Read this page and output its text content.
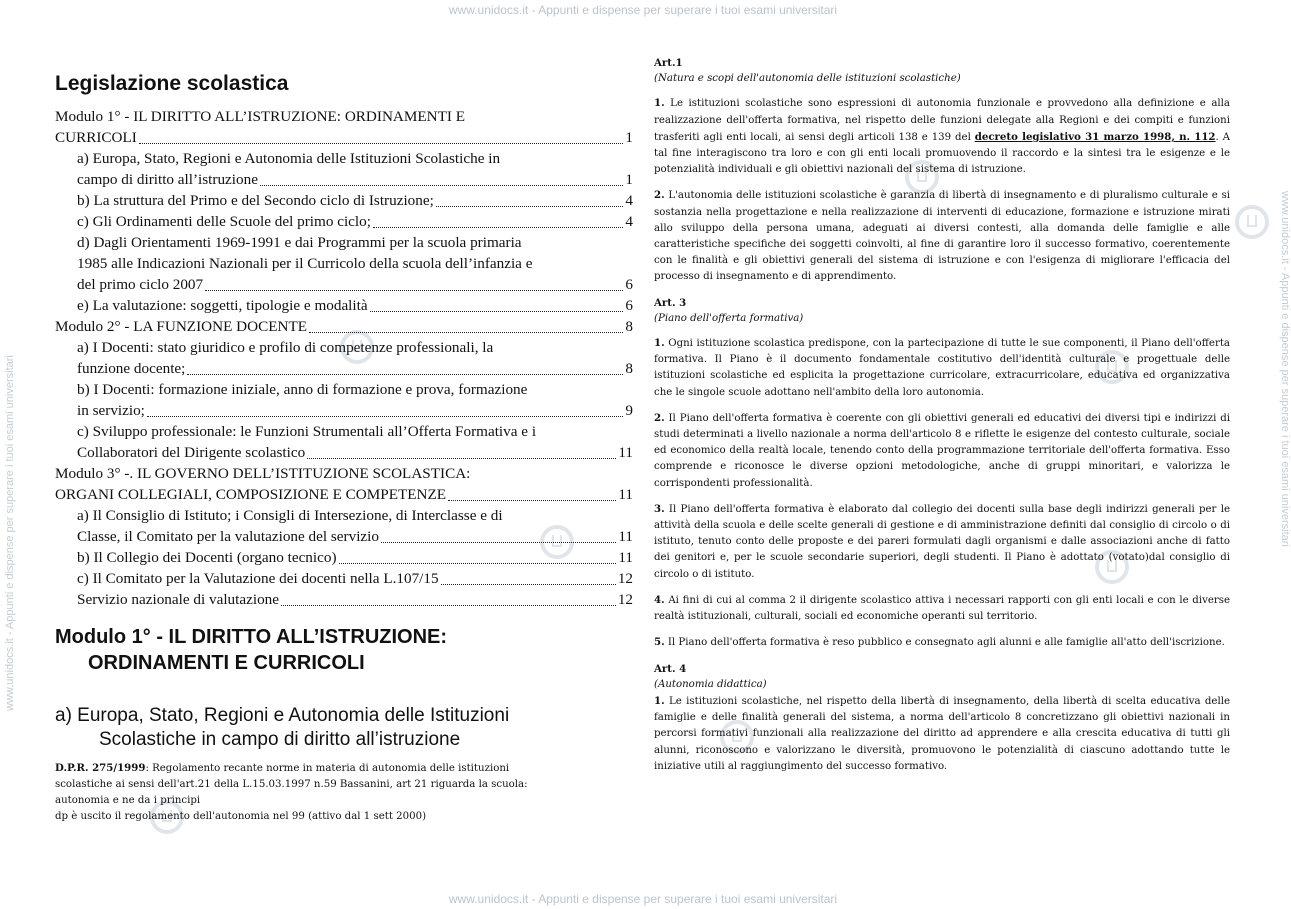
www.unidocs.it - Appunti e dispense per superare i tuoi esami universitari
www.unidocs.it - Appunti e dispense per superare i tuoi esami universitari
www.unidocs.it - Appunti e dispense per superare i tuoi esami universitari	www.unidocs.it - Appunti e dispense per superare i tuoi esami universitari
Legislazione scolastica
Modulo 1° - IL DIRITTO ALL’ISTRUZIONE: ORDINAMENTI E
CURRICOLI	1
a) Europa, Stato, Regioni e Autonomia delle Istituzioni Scolastiche in
campo di diritto all’istruzione	1
b) La struttura del Primo e del Secondo ciclo di Istruzione;	4
c) Gli Ordinamenti delle Scuole del primo ciclo;	4
d) Dagli Orientamenti 1969-1991 e dai Programmi per la scuola primaria
1985 alle Indicazioni Nazionali per il Curricolo della scuola dell’infanzia e
del primo ciclo 2007	6
e) La valutazione: soggetti, tipologie e modalità	6
Modulo 2° - LA FUNZIONE DOCENTE	8
a) I Docenti: stato giuridico e profilo di competenze professionali, la
funzione docente;	8
b) I Docenti: formazione iniziale, anno di formazione e prova, formazione
in servizio;	9
c) Sviluppo professionale: le Funzioni Strumentali all’Offerta Formativa e i
Collaboratori del Dirigente scolastico	11
Modulo 3° -. IL GOVERNO DELL’ISTITUZIONE SCOLASTICA:
ORGANI COLLEGIALI, COMPOSIZIONE E COMPETENZE	11
a) Il Consiglio di Istituto; i Consigli di Intersezione, di Interclasse e di
Classe, il Comitato per la valutazione del servizio	11
b) Il Collegio dei Docenti (organo tecnico)	11
c) Il Comitato per la Valutazione dei docenti nella L.107/15	12
Servizio nazionale di valutazione	12
Modulo 1° - IL DIRITTO ALL’ISTRUZIONE:
ORDINAMENTI E CURRICOLI
a) Europa, Stato, Regioni e Autonomia delle Istituzioni
Scolastiche in campo di diritto all’istruzione
D.P.R. 275/1999: Regolamento recante norme in materia di autonomia delle istituzioni
scolastiche ai sensi dell'art.21 della L.15.03.1997 n.59 Bassanini, art 21 riguarda la scuola:
autonomia e ne da i principi
dp è uscito il regolamento dell'autonomia nel 99 (attivo dal 1 sett 2000)
Art.1
(Natura e scopi dell'autonomia delle istituzioni scolastiche)

1. Le istituzioni scolastiche sono espressioni di autonomia funzionale e provvedono alla definizione e alla realizzazione dell'offerta formativa, nel rispetto delle funzioni delegate alla Regioni e dei compiti e funzioni trasferiti agli enti locali, ai sensi degli articoli 138 e 139 del decreto legislativo 31 marzo 1998, n. 112. A tal fine interagiscono tra loro e con gli enti locali promuovendo il raccordo e la sintesi tra le esigenze e le potenzialità individuali e gli obiettivi nazionali del sistema di istruzione.

2. L'autonomia delle istituzioni scolastiche è garanzia di libertà di insegnamento e di pluralismo culturale e si sostanzia nella progettazione e nella realizzazione di interventi di educazione, formazione e istruzione mirati allo sviluppo della persona umana, adeguati ai diversi contesti, alla domanda delle famiglie e alle caratteristiche specifiche dei soggetti coinvolti, al fine di garantire loro il successo formativo, coerentemente con le finalità e gli obiettivi generali del sistema di istruzione e con l'esigenza di migliorare l'efficacia del processo di insegnamento e di apprendimento.

Art. 3
(Piano dell'offerta formativa)

1. Ogni istituzione scolastica predispone, con la partecipazione di tutte le sue componenti, il Piano dell'offerta formativa. Il Piano è il documento fondamentale costitutivo dell'identità culturale e progettuale delle istituzioni scolastiche ed esplicita la progettazione curricolare, extracurricolare, educativa ed organizzativa che le singole scuole adottano nell'ambito della loro autonomia.

2. Il Piano dell'offerta formativa è coerente con gli obiettivi generali ed educativi dei diversi tipi e indirizzi di studi determinati a livello nazionale a norma dell'articolo 8 e riflette le esigenze del contesto culturale, sociale ed economico della realtà locale, tenendo conto della programmazione territoriale dell'offerta formativa. Esso comprende e riconosce le diverse opzioni metodologiche, anche di gruppi minoritari, e valorizza le corrispondenti professionalità.

3. Il Piano dell'offerta formativa è elaborato dal collegio dei docenti sulla base degli indirizzi generali per le attività della scuola e delle scelte generali di gestione e di amministrazione definiti dal consiglio di circolo o di istituto, tenuto conto delle proposte e dei pareri formulati dagli organismi e dalle associazioni anche di fatto dei genitori e, per le scuole secondarie superiori, degli studenti. Il Piano è adottato (votato)dal consiglio di circolo o di istituto.

4. Ai fini di cui al comma 2 il dirigente scolastico attiva i necessari rapporti con gli enti locali e con le diverse realtà istituzionali, culturali, sociali ed economiche operanti sul territorio.

5. Il Piano dell'offerta formativa è reso pubblico e consegnato agli alunni e alle famiglie all'atto dell'iscrizione.

Art. 4
(Autonomia didattica)

1. Le istituzioni scolastiche, nel rispetto della libertà di insegnamento, della libertà di scelta educativa delle famiglie e delle finalità generali del sistema, a norma dell'articolo 8 concretizzano gli obiettivi nazionali in percorsi formativi funzionali alla realizzazione del diritto ad apprendere e alla crescita educativa di tutti gli alunni, riconoscono e valorizzano le diversità, promuovono le potenzialità di ciascuno adottando tutte le iniziative utili al raggiungimento del successo formativo.
